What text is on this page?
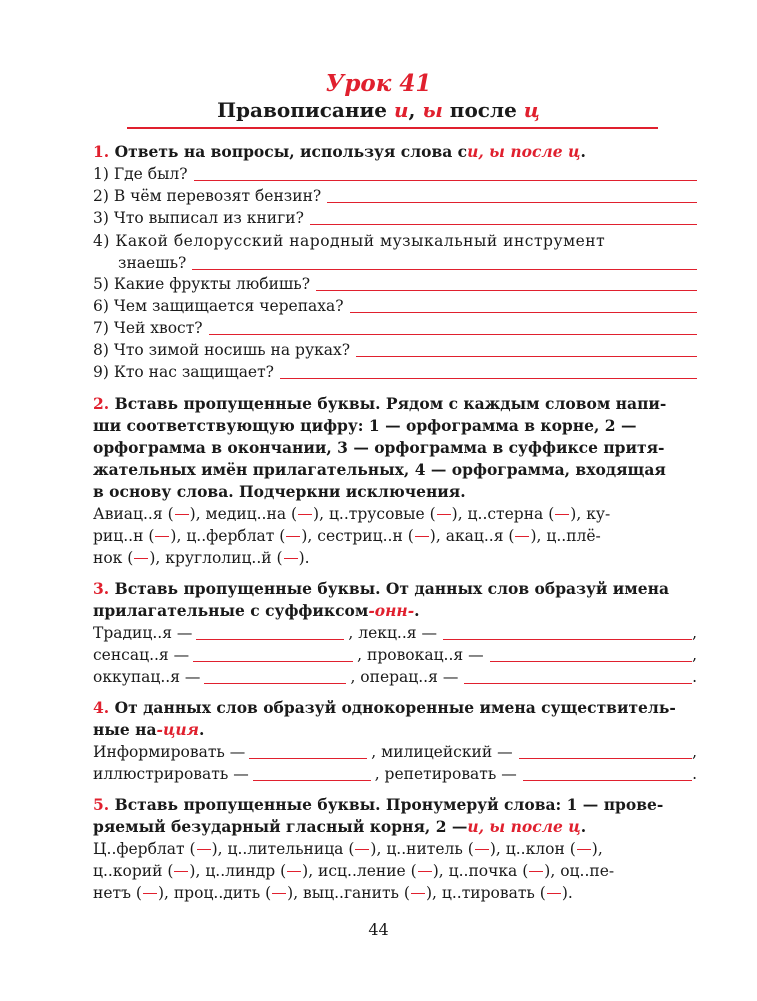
Урок 41
Правописание и, ы после ц
1.
Ответь на вопросы, используя слова с и, ы после ц .
1) Где был?
2) В чём перевозят бензин?
3) Что выписал из книги?
4) Какой белорусский народный музыкальный инструмент
знаешь?
5) Какие фрукты любишь?
6) Чем защищается черепаха?
7) Чей хвост?
8) Что зимой носишь на руках?
9) Кто нас защищает?
2.
Вставь пропущенные буквы. Рядом с каждым словом напи-
ши соответствующую цифру: 1 — орфограмма в корне, 2 —
орфограмма в окончании, 3 — орфограмма в суффиксе притя-
жательных имён прилагательных, 4 — орфограмма, входящая
в основу слова. Подчеркни исключения.
Авиац..я ( ), медиц..на ( ), ц..трусовые ( ), ц..стерна ( ), ку-
риц..н ( ), ц..ферблат ( ), сестриц..н ( ), акац..я ( ), ц..плё-
нок ( ), круглолиц..й ( ).
3.
Вставь пропущенные буквы. От данных слов образуй имена
прилагательные с суффиксом -онн- .
Традиц..я —	, лекц..я —	,
сенсац..я —	, провокац..я —	,
оккупац..я —	, операц..я —	.
4.
От данных слов образуй однокоренные имена существитель-
ные на -ция .
Информировать —	, милицейский —	,
иллюстрировать —	, репетировать —	.
5.
Вставь пропущенные буквы. Пронумеруй слова: 1 — прове-
ряемый безударный гласный корня, 2 — и, ы после ц .
Ц..ферблат ( ), ц..лительница ( ), ц..нитель ( ), ц..клон ( ),
ц..корий ( ), ц..линдр ( ), исц..ление ( ), ц..почка ( ), оц..пе-
нетъ ( ), проц..дить ( ), выц..ганить ( ), ц..тировать ( ).
44
